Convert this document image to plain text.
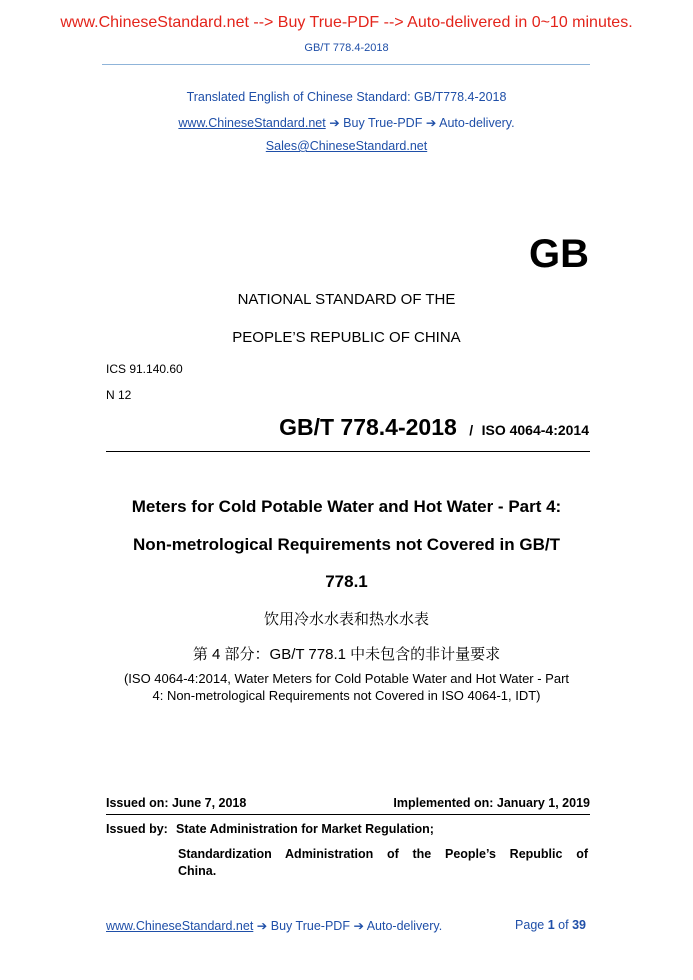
www.ChineseStandard.net --> Buy True-PDF --> Auto-delivered in 0~10 minutes.
GB/T 778.4-2018
Translated English of Chinese Standard: GB/T778.4-2018
www.ChineseStandard.net ➔ Buy True-PDF ➔ Auto-delivery.
Sales@ChineseStandard.net
GB
NATIONAL STANDARD OF THE
PEOPLE’S REPUBLIC OF CHINA
ICS 91.140.60
N 12
GB/T 778.4-2018 / ISO 4064-4:2014
Meters for Cold Potable Water and Hot Water - Part 4:
Non-metrological Requirements not Covered in GB/T
778.1
饮用冷水水表和热水水表
第 4 部分：GB/T 778.1 中未包含的非计量要求
(ISO 4064-4:2014, Water Meters for Cold Potable Water and Hot Water - Part
4: Non-metrological Requirements not Covered in ISO 4064-1, IDT)
Issued on: June 7, 2018	Implemented on: January 1, 2019
Issued by: State Administration for Market Regulation;
Standardization Administration of the People’s Republic of
China.
www.ChineseStandard.net ➔ Buy True-PDF ➔ Auto-delivery.	Page 1 of 39
